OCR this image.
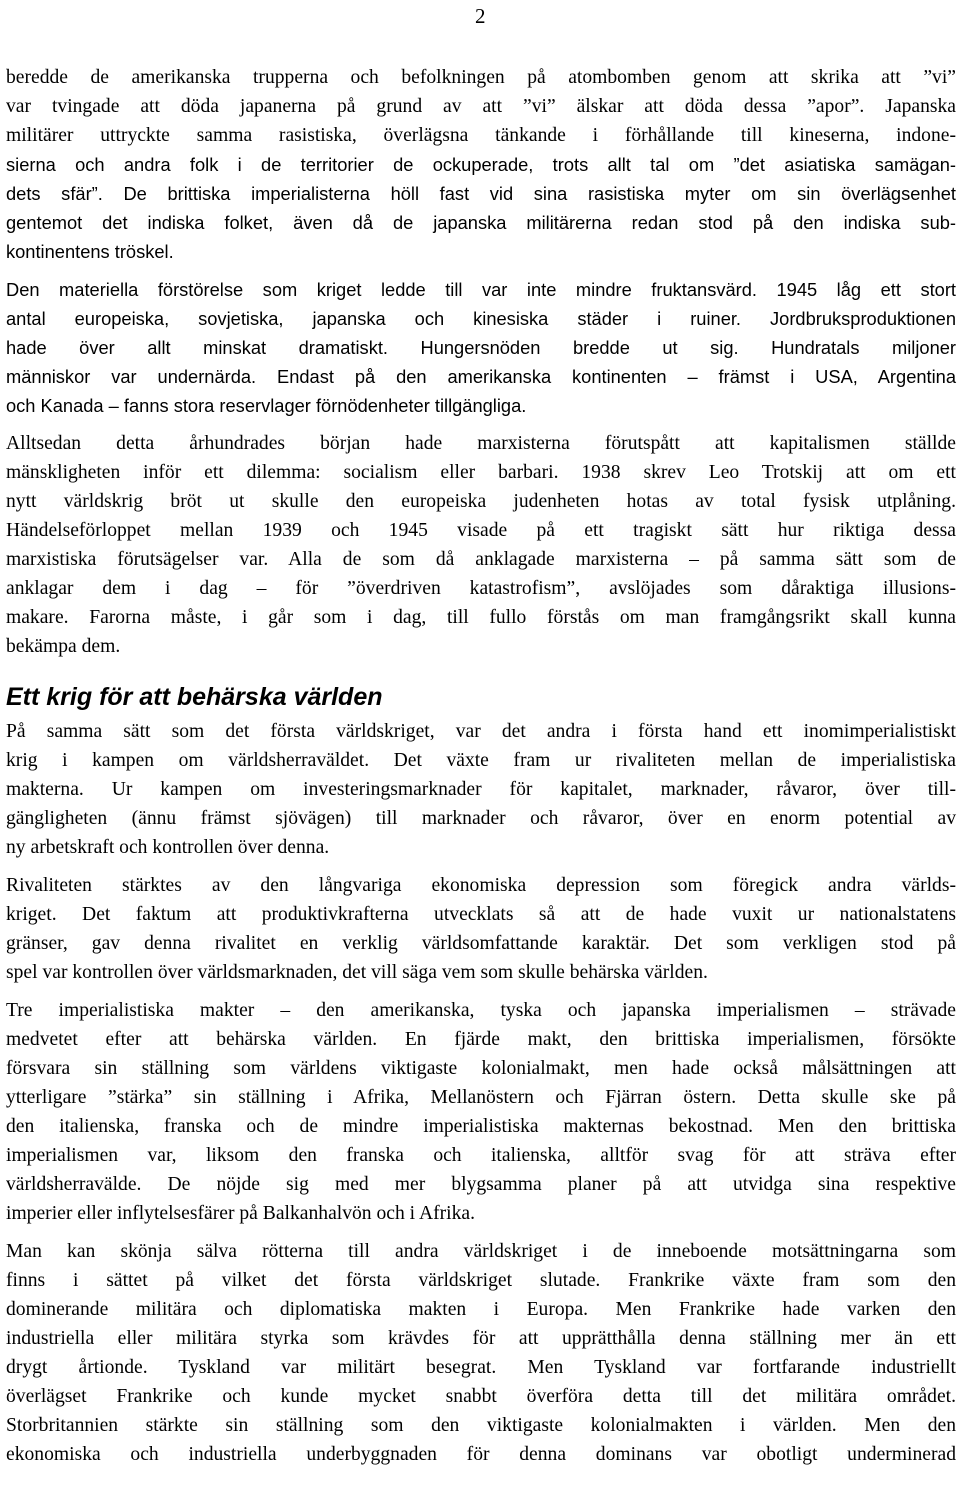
2

beredde de amerikanska trupperna och befolkningen på atombomben genom att skrika att ”vi”
var tvingade att döda japanerna på grund av att ”vi” älskar att döda dessa ”apor”. Japanska
militärer uttryckte samma rasistiska, överlägsna tänkande i förhållande till kineserna, indone-
sierna och andra folk i de territorier de ockuperade, trots allt tal om ”det asiatiska samägan-
dets sfär”. De brittiska imperialisterna höll fast vid sina rasistiska myter om sin överlägsenhet
gentemot det indiska folket, även då de japanska militärerna redan stod på den indiska sub-
kontinentens tröskel.

Den materiella förstörelse som kriget ledde till var inte mindre fruktansvärd. 1945 låg ett stort
antal europeiska, sovjetiska, japanska och kinesiska städer i ruiner. Jordbruksproduktionen
hade över allt minskat dramatiskt. Hungersnöden bredde ut sig. Hundratals miljoner
människor var undernärda. Endast på den amerikanska kontinenten – främst i USA, Argentina
och Kanada – fanns stora reservlager förnödenheter tillgängliga.

Alltsedan detta århundrades början hade marxisterna förutspått att kapitalismen ställde
mänskligheten inför ett dilemma: socialism eller barbari. 1938 skrev Leo Trotskij att om ett
nytt världskrig bröt ut skulle den europeiska judenheten hotas av total fysisk utplåning.
Händelseförloppet mellan 1939 och 1945 visade på ett tragiskt sätt hur riktiga dessa
marxistiska förutsägelser var. Alla de som då anklagade marxisterna – på samma sätt som de
anklagar dem i dag – för ”överdriven katastrofism”, avslöjades som dåraktiga illusions-
makare. Farorna måste, i går som i dag, till fullo förstås om man framgångsrikt skall kunna
bekämpa dem.

Ett krig för att behärska världen

På samma sätt som det första världskriget, var det andra i första hand ett inomimperialistiskt
krig i kampen om världsherraväldet. Det växte fram ur rivaliteten mellan de imperialistiska
makterna. Ur kampen om investeringsmarknader för kapitalet, marknader, råvaror, över till-
gängligheten (ännu främst sjövägen) till marknader och råvaror, över en enorm potential av
ny arbetskraft och kontrollen över denna.

Rivaliteten stärktes av den långvariga ekonomiska depression som föregick andra världs-
kriget. Det faktum att produktivkrafterna utvecklats så att de hade vuxit ur nationalstatens
gränser, gav denna rivalitet en verklig världsomfattande karaktär. Det som verkligen stod på
spel var kontrollen över världsmarknaden, det vill säga vem som skulle behärska världen.

Tre imperialistiska makter – den amerikanska, tyska och japanska imperialismen – strävade
medvetet efter att behärska världen. En fjärde makt, den brittiska imperialismen, försökte
försvara sin ställning som världens viktigaste kolonialmakt, men hade också målsättningen att
ytterligare ”stärka” sin ställning i Afrika, Mellanöstern och Fjärran östern. Detta skulle ske på
den italienska, franska och de mindre imperialistiska makternas bekostnad. Men den brittiska
imperialismen var, liksom den franska och italienska, alltför svag för att sträva efter
världsherravälde. De nöjde sig med mer blygsamma planer på att utvidga sina respektive
imperier eller inflytelsesfärer på Balkanhalvön och i Afrika.

Man kan skönja sälva rötterna till andra världskriget i de inneboende motsättningarna som
finns i sättet på vilket det första världskriget slutade. Frankrike växte fram som den
dominerande militära och diplomatiska makten i Europa. Men Frankrike hade varken den
industriella eller militära styrka som krävdes för att upprätthålla denna ställning mer än ett
drygt årtionde. Tyskland var militärt besegrat. Men Tyskland var fortfarande industriellt
överlägset Frankrike och kunde mycket snabbt överföra detta till det militära området.
Storbritannien stärkte sin ställning som den viktigaste kolonialmakten i världen. Men den
ekonomiska och industriella underbyggnaden för denna dominans var obotligt underminerad
